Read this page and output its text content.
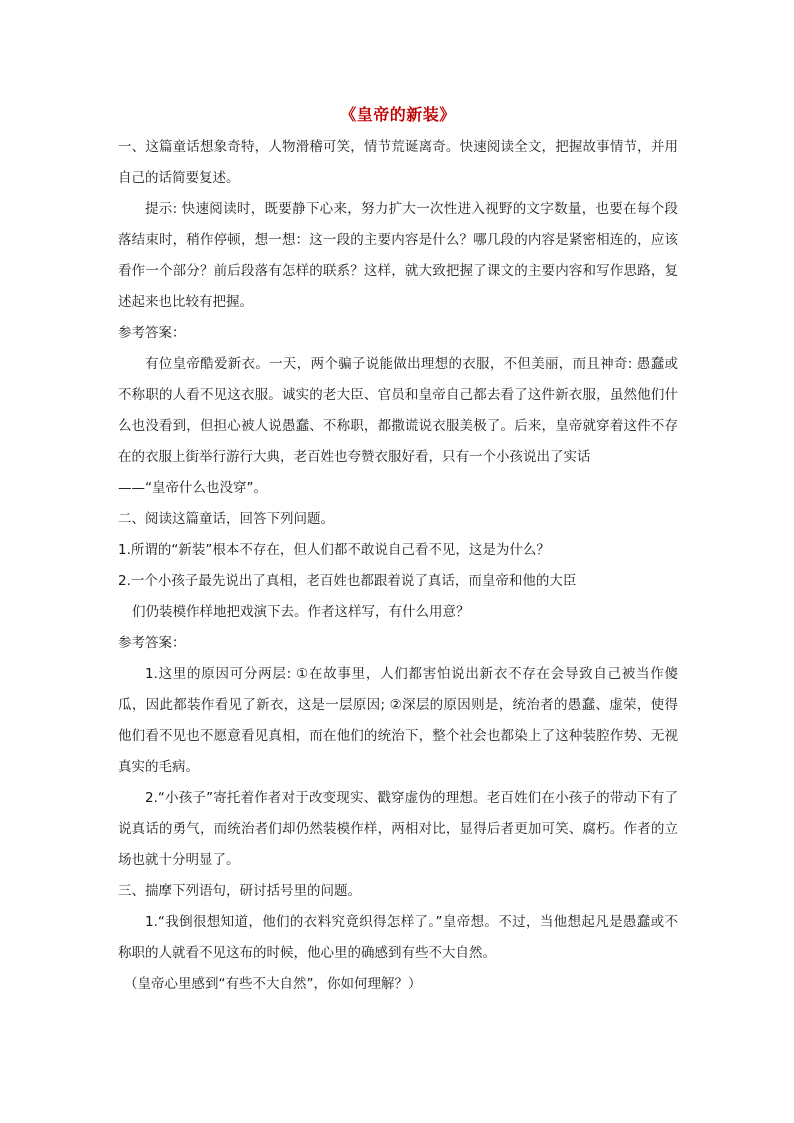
《皇帝的新装》

一、这篇童话想象奇特，人物滑稽可笑，情节荒诞离奇。快速阅读全文，把握故事情节，并用自己的话简要复述。

提示: 快速阅读时，既要静下心来，努力扩大一次性进入视野的文字数量，也要在每个段落结束时，稍作停顿，想一想：这一段的主要内容是什么？哪几段的内容是紧密相连的，应该看作一个部分？前后段落有怎样的联系？这样，就大致把握了课文的主要内容和写作思路，复述起来也比较有把握。

参考答案：

有位皇帝酷爱新衣。一天，两个骗子说能做出理想的衣服，不但美丽，而且神奇: 愚蠢或不称职的人看不见这衣服。诚实的老大臣、官员和皇帝自己都去看了这件新衣服，虽然他们什么也没看到，但担心被人说愚蠢、不称职，都撒谎说衣服美极了。后来，皇帝就穿着这件不存在的衣服上街举行游行大典，老百姓也夸赞衣服好看，只有一个小孩说出了实话

——“皇帝什么也没穿”。

二、阅读这篇童话，回答下列问题。

1.所谓的“新装”根本不存在，但人们都不敢说自己看不见，这是为什么？

2.一个小孩子最先说出了真相，老百姓也都跟着说了真话，而皇帝和他的大臣

们仍装模作样地把戏演下去。作者这样写，有什么用意？

参考答案：

1.这里的原因可分两层: ①在故事里，人们都害怕说出新衣不存在会导致自己被当作傻瓜，因此都装作看见了新衣，这是一层原因; ②深层的原因则是，统治者的愚蠢、虚荣，使得他们看不见也不愿意看见真相，而在他们的统治下，整个社会也都染上了这种装腔作势、无视真实的毛病。

2.“小孩子”寄托着作者对于改变现实、戳穿虚伪的理想。老百姓们在小孩子的带动下有了说真话的勇气，而统治者们却仍然装模作样，两相对比，显得后者更加可笑、腐朽。作者的立场也就十分明显了。

三、揣摩下列语句，研讨括号里的问题。

1.“我倒很想知道，他们的衣料究竟织得怎样了。”皇帝想。不过，当他想起凡是愚蠢或不称职的人就看不见这布的时候，他心里的确感到有些不大自然。

（皇帝心里感到“有些不大自然”，你如何理解？）
